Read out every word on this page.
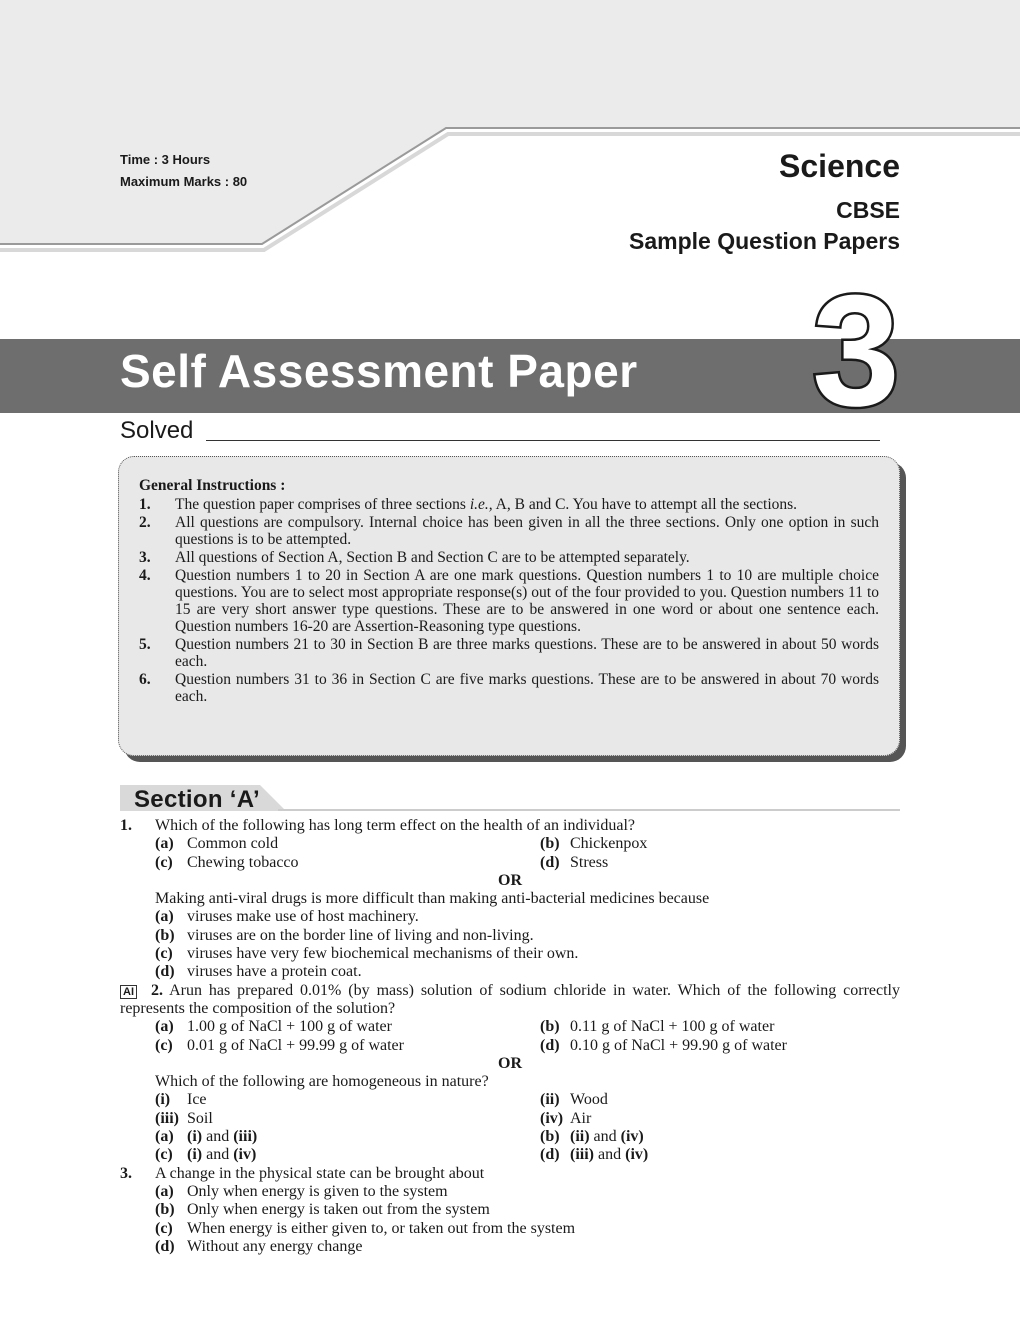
Time : 3 Hours
Maximum Marks : 80	Science
CBSE
Sample Question Papers
Self Assessment Paper 3
Solved
General Instructions :
1.	The question paper comprises of three sections i.e., A, B and C. You have to attempt all the sections.
2.	All questions are compulsory. Internal choice has been given in all the three sections. Only one option in such questions is to be attempted.
3.	All questions of Section A, Section B and Section C are to be attempted separately.
4.	Question numbers 1 to 20 in Section A are one mark questions. Question numbers 1 to 10 are multiple choice questions. You are to select most appropriate response(s) out of the four provided to you. Question numbers 11 to 15 are very short answer type questions. These are to be answered in one word or about one sentence each. Question numbers 16-20 are Assertion-Reasoning type questions.
5.	Question numbers 21 to 30 in Section B are three marks questions. These are to be answered in about 50 words each.
6.	Question numbers 31 to 36 in Section C are five marks questions. These are to be answered in about 70 words each.
Section ‘A’
1.	Which of the following has long term effect on the health of an individual?
(a) Common cold	(b) Chickenpox
(c) Chewing tobacco	(d) Stress
OR
Making anti-viral drugs is more difficult than making anti-bacterial medicines because
(a) viruses make use of host machinery.
(b) viruses are on the border line of living and non-living.
(c) viruses have very few biochemical mechanisms of their own.
(d) viruses have a protein coat.
AI 2. Arun has prepared 0.01% (by mass) solution of sodium chloride in water. Which of the following correctly represents the composition of the solution?
(a) 1.00 g of NaCl + 100 g of water	(b) 0.11 g of NaCl + 100 g of water
(c) 0.01 g of NaCl + 99.99 g of water	(d) 0.10 g of NaCl + 99.90 g of water
OR
Which of the following are homogeneous in nature?
(i)	Ice	(ii) Wood
(iii) Soil	(iv) Air
(a) (i) and (iii)	(b) (ii) and (iv)
(c) (i) and (iv)	(d) (iii) and (iv)
3.	A change in the physical state can be brought about
(a) Only when energy is given to the system
(b) Only when energy is taken out from the system
(c) When energy is either given to, or taken out from the system
(d) Without any energy change
